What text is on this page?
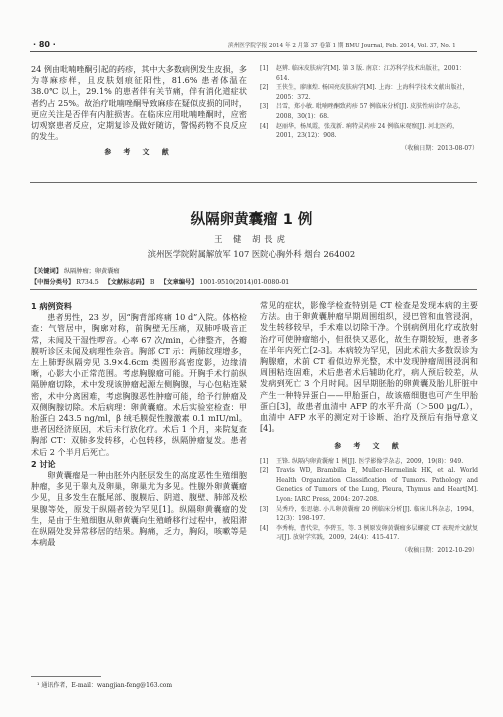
· 80 ·	滨州医学院学报 2014 年 2 月第 37 卷第 1 期 BMU Journal, Feb. 2014, Vol. 37, No. 1

24 例由吡喃唑酮引起的药疹，其中大多数病例发生皮损，多为荨麻疹样，且皮肤划痕征阳性，81.6% 患者体温在 38.0℃ 以上，29.1% 的患者伴有关节痛，伴有消化道症状者约占 25%。故治疗吡喃唑酮导致麻疹在疑似皮损的同时，更应关注是否伴有内脏损害。在临床应用吡喃唑酮时，应密切观察患者反应，定期复诊及做好随访，警惕药物不良反应的发生。

参 考 文 献
[1]	赵辨. 临床皮肤病学[M]. 第 3 版. 南京：江苏科学技术出版社，2001：614.
[2]	王侠生，廖康煌. 杨国亮皮肤病学[M]. 上海：上海科学技术文献出版社，2005：372.
[3]	吕雪，郑小敏. 吡喃唑酮致药疹 57 例临床分析[J]. 皮肤性病诊疗杂志，2008，30(1)：68.
[4]	赵丽华，杨凤霞，张茂新. 痢特灵药疹 24 例临床观察[J]. 河北医药，2001，23(12)：908.
（收稿日期：2013-08-07）
纵隔卵黄囊瘤 1 例
王 健 胡長虎
滨州医学院附属解放军 107 医院心胸外科 烟台 264002
【关键词】 纵隔肿瘤；卵黄囊瘤
【中图分类号】 R734.5 【文献标志码】 B 【文章编号】 1001-9510(2014)01-0080-01
1 病例资料

患者男性，23 岁，因“胸背部疼痛 10 d”入院。体格检查：气管居中，胸廓对称，前胸壁无压痛，双肺呼吸音正常，未闻及干湿性啰音。心率 67 次/min，心律整齐，各瓣膜听诊区未闻及病理性杂音。胸部 CT 示：两肺纹理增多，左上肺野纵隔旁见 3.9×4.6cm 类圆形高密度影，边缘清晰，心影大小正常范围。考虑胸腺瘤可能。开胸手术行前纵隔肿瘤切除，术中发现该肿瘤起源左侧胸腺，与心包粘连紧密，术中分离困难，考虑胸腺恶性肿瘤可能，给予行肿瘤及双侧胸腺切除。术后病理：卵黄囊瘤。术后实验室检查：甲胎蛋白 243.5 ng/ml，β 绒毛膜促性腺激素 0.1 mIU/ml。患者因经济原因，术后未行放化疗。术后 1 个月，来院复查胸部 CT：双肺多发转移，心包转移，纵隔肿瘤复发。患者术后 2 个半月后死亡。

2 讨论

卵黄囊瘤是一种由胚外内胚层发生的高度恶性生殖细胞肿瘤，多见于睾丸及卵巢，卵巢尤为多见。性腺外卵黄囊瘤少见，且多发生在骶尾部、腹膜后、阴道、腹壁、肺部及松果腺等处，原发于纵隔者较为罕见[1]。纵隔卵黄囊瘤的发生，是由于生殖细胞从卵黄囊向生殖嵴移行过程中，被阻滞在纵隔处发异常移居的结果。胸痛，乏力，胸闷，咳嗽等是本病最

常见的症状，影像学检查特别是 CT 检查是发现本病的主要方法。由于卵黄囊肿瘤早期周围组织，浸巴管和血管浸润，发生转移较早，手术难以切除干净。个别病例用化疗或放射治疗可使肿瘤缩小，但很快又恶化，故生存期较短，患者多在半年内死亡[2-3]。本病较为罕见，因此术前大多数误诊为胸腺瘤，术前 CT 看似边界光整，术中发现肿瘤周围浸润和周围粘连固难，术后患者术后辅助化疗，病人预后较差，从发病到死亡 3 个月时间。因早期胚胎的卵黄囊及胎儿肝脏中产生一种特异蛋白——甲胎蛋白，故该癌细胞也可产生甲胎蛋白[3]，故患者血清中 AFP 的水平升高（＞500 μg/L），血清中 AFP 水平的测定对于诊断、治疗及预后有指导意义[4]。

参 考 文 献
[1]	王锋. 纵隔内卵黄囊瘤 1 例[J]. 医学影像学杂志，2009，19(8)：949.
[2]	Travis WD, Brambilla E, Muller-Hermelink HK, et al. World Health Organization Classification of Tumors. Pathology and Genetics of Tumors of the Lung, Pleura, Thymus and Heart[M]. Lyon: IARC Press, 2004: 207-208.
[3]	吴秀玲，张思德. 小儿卵黄囊瘤 20 例临床分析[J]. 临床儿科杂志，1994，12(3)：198-197.
[4]	李秀梅，曹代荣，李碧玉，等. 3 例原发卵黄囊瘤多层螺旋 CT 表现并文献复习[J]. 放射学实践，2009，24(4)：415-417.
（收稿日期：2012-10-29）
¹ 通讯作者，E-mail：wangjian-feng@163.com
